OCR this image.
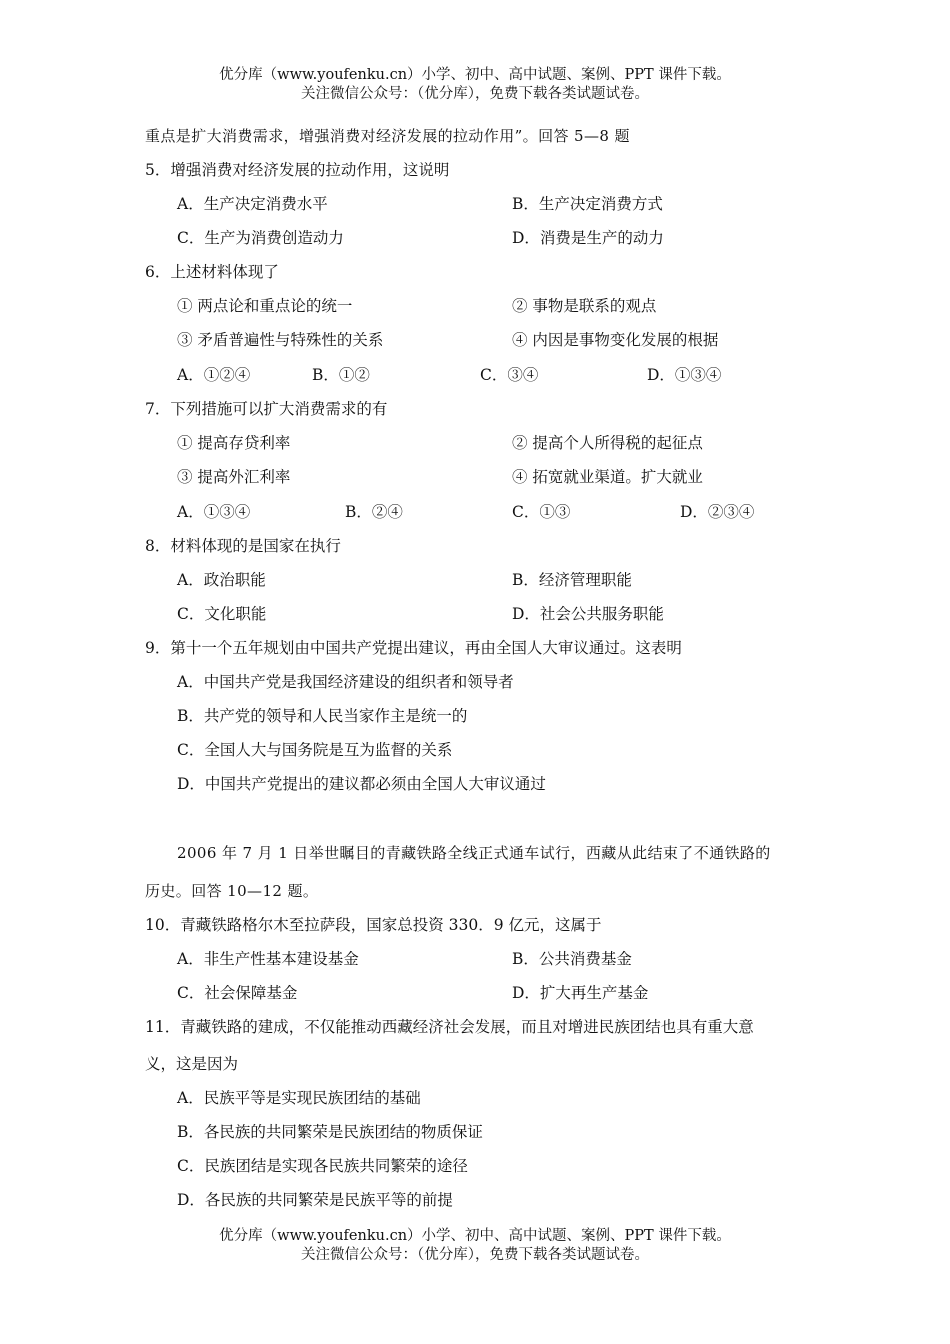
优分库（www.youfenku.cn）小学、初中、高中试题、案例、PPT 课件下载。
关注微信公众号：（优分库），免费下载各类试题试卷。
重点是扩大消费需求，增强消费对经济发展的拉动作用”。回答 5—8 题
5．增强消费对经济发展的拉动作用，这说明
A．生产决定消费水平	B．生产决定消费方式
C．生产为消费创造动力	D．消费是生产的动力
6．上述材料体现了
① 两点论和重点论的统一	② 事物是联系的观点
③ 矛盾普遍性与特殊性的关系	④ 内因是事物变化发展的根据
A．①②④	B．①②	C．③④	D．①③④
7．下列措施可以扩大消费需求的有
① 提高存贷利率	② 提高个人所得税的起征点
③ 提高外汇利率	④ 拓宽就业渠道。扩大就业
A．①③④	B．②④	C．①③	D．②③④
8．材料体现的是国家在执行
A．政治职能	B．经济管理职能
C．文化职能	D．社会公共服务职能
9．第十一个五年规划由中国共产党提出建议，再由全国人大审议通过。这表明
A．中国共产党是我国经济建设的组织者和领导者
B．共产党的领导和人民当家作主是统一的
C．全国人大与国务院是互为监督的关系
D．中国共产党提出的建议都必须由全国人大审议通过
2006 年 7 月 1 日举世瞩目的青藏铁路全线正式通车试行，西藏从此结束了不通铁路的
历史。回答 10—12 题。
10．青藏铁路格尔木至拉萨段，国家总投资 330．9 亿元，这属于
A．非生产性基本建设基金	B．公共消费基金
C．社会保障基金	D．扩大再生产基金
11．青藏铁路的建成，不仅能推动西藏经济社会发展，而且对增进民族团结也具有重大意
义，这是因为
A．民族平等是实现民族团结的基础
B．各民族的共同繁荣是民族团结的物质保证
C．民族团结是实现各民族共同繁荣的途径
D．各民族的共同繁荣是民族平等的前提
优分库（www.youfenku.cn）小学、初中、高中试题、案例、PPT 课件下载。
关注微信公众号：（优分库），免费下载各类试题试卷。
